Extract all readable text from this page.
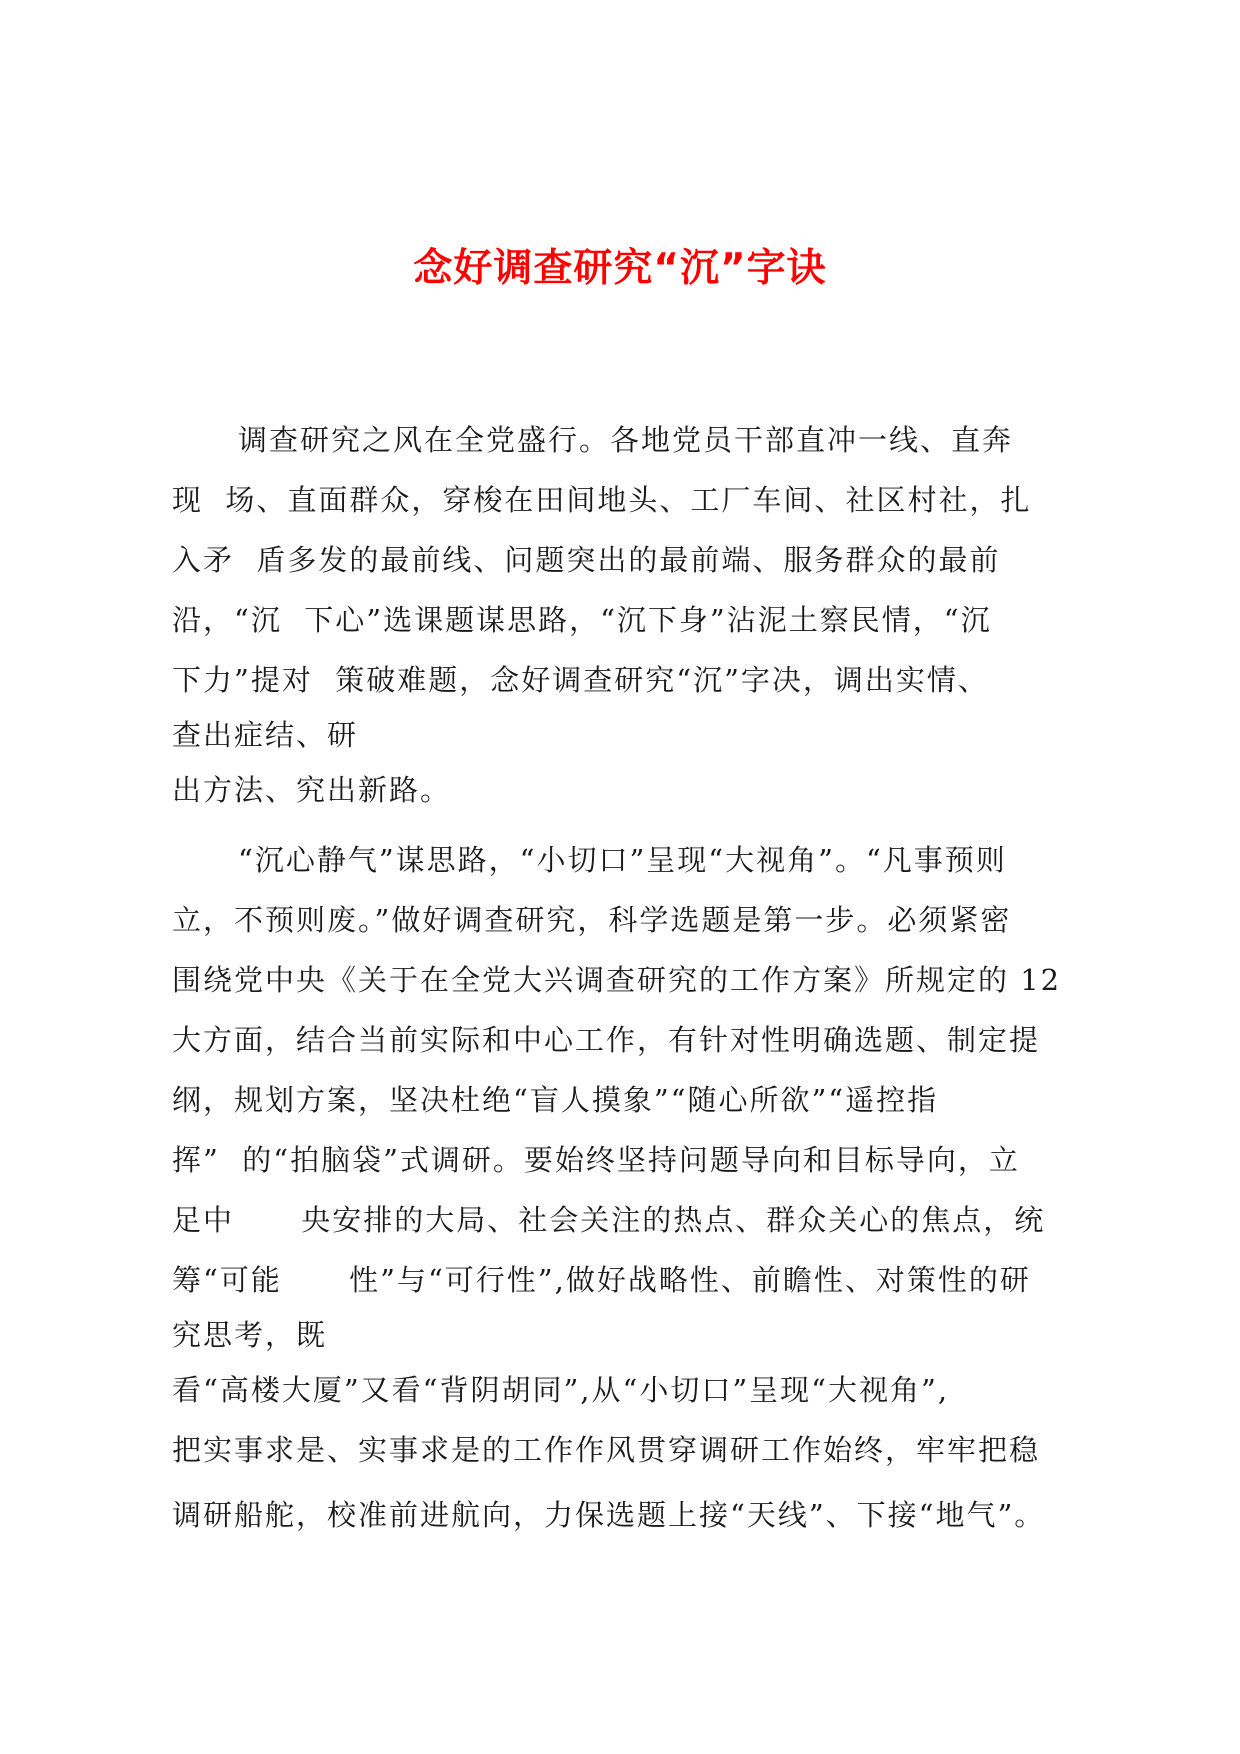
念好调查研究“沉”字诀

调查研究之风在全党盛行。各地党员干部直冲一线、直奔

现  场、直面群众，穿梭在田间地头、工厂车间、社区村社，扎

入矛  盾多发的最前线、问题突出的最前端、服务群众的最前

沿，“沉  下心”选课题谋思路，“沉下身”沾泥土察民情，“沉

下力”提对  策破难题，念好调查研究“沉”字决，调出实情、

查出症结、研

出方法、究出新路。

“沉心静气”谋思路，“小切口”呈现“大视角”。“凡事预则

立，不预则废。”做好调查研究，科学选题是第一步。必须紧密

围绕党中央《关于在全党大兴调查研究的工作方案》所规定的 12

大方面，结合当前实际和中心工作，有针对性明确选题、制定提

纲，规划方案，坚决杜绝“盲人摸象”“随心所欲”“遥控指

挥”  的“拍脑袋”式调研。要始终坚持问题导向和目标导向，立

足中      央安排的大局、社会关注的热点、群众关心的焦点，统

筹“可能      性”与“可行性”,做好战略性、前瞻性、对策性的研

究思考，既

看“高楼大厦”又看“背阴胡同”,从“小切口”呈现“大视角”,

把实事求是、实事求是的工作作风贯穿调研工作始终，牢牢把稳

调研船舵，校准前进航向，力保选题上接“天线”、下接“地气”。
